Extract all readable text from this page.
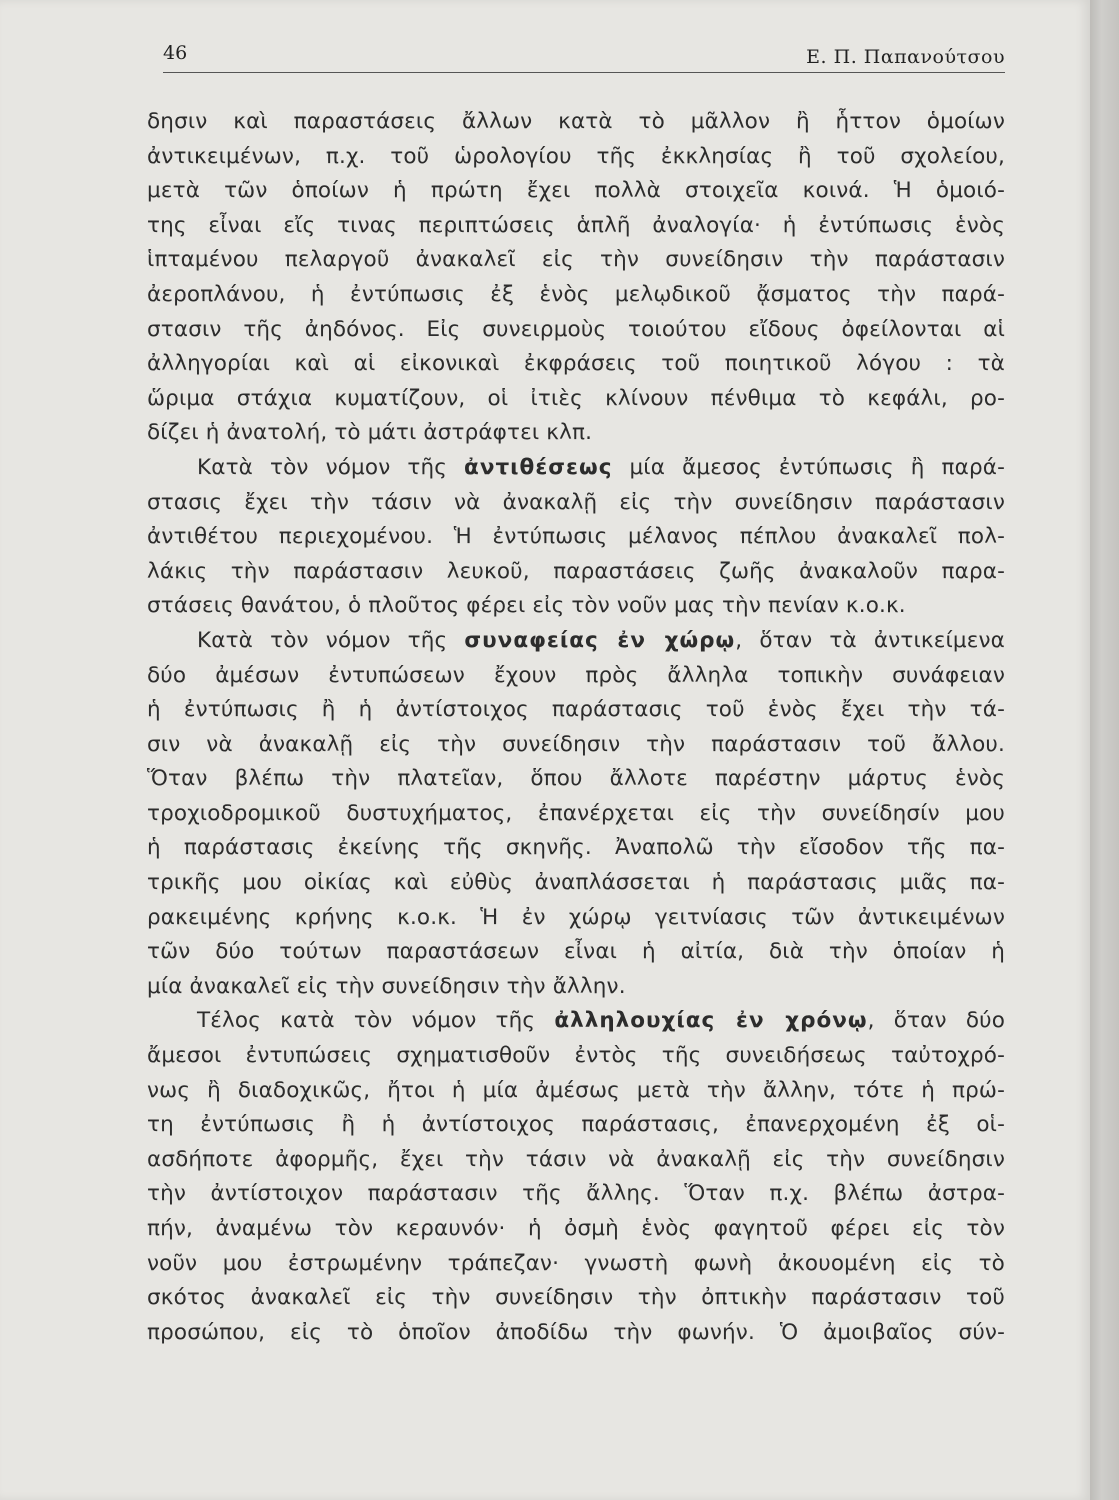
46	Ε. Π. Παπανούτσου
δησιν καὶ παραστάσεις ἄλλων κατὰ τὸ μᾶλλον ἢ ἧττον ὁμοίων
ἀντικειμένων, π.χ. τοῦ ὡρολογίου τῆς ἐκκλησίας ἢ τοῦ σχολείου,
μετὰ τῶν ὁποίων ἡ πρώτη ἔχει πολλὰ στοιχεῖα κοινά. Ἡ ὁμοιό-
της εἶναι εἴς τινας περιπτώσεις ἁπλῆ ἀναλογία· ἡ ἐντύπωσις ἑνὸς
ἱπταμένου πελαργοῦ ἀνακαλεῖ εἰς τὴν συνείδησιν τὴν παράστασιν
ἀεροπλάνου, ἡ ἐντύπωσις ἐξ ἑνὸς μελῳδικοῦ ᾄσματος τὴν παρά-
στασιν τῆς ἀηδόνος. Εἰς συνειρμοὺς τοιούτου εἴδους ὀφείλονται αἱ
ἀλληγορίαι καὶ αἱ εἰκονικαὶ ἐκφράσεις τοῦ ποιητικοῦ λόγου : τὰ
ὥριμα στάχια κυματίζουν, οἱ ἰτιὲς κλίνουν πένθιμα τὸ κεφάλι, ρο-
δίζει ἡ ἀνατολή, τὸ μάτι ἀστράφτει κλπ.
Κατὰ τὸν νόμον τῆς ἀντιθέσεως μία ἄμεσος ἐντύπωσις ἢ παρά-
στασις ἔχει τὴν τάσιν νὰ ἀνακαλῇ εἰς τὴν συνείδησιν παράστασιν
ἀντιθέτου περιεχομένου. Ἡ ἐντύπωσις μέλανος πέπλου ἀνακαλεῖ πολ-
λάκις τὴν παράστασιν λευκοῦ, παραστάσεις ζωῆς ἀνακαλοῦν παρα-
στάσεις θανάτου, ὁ πλοῦτος φέρει εἰς τὸν νοῦν μας τὴν πενίαν κ.ο.κ.
Κατὰ τὸν νόμον τῆς συναφείας ἐν χώρῳ, ὅταν τὰ ἀντικείμενα
δύο ἀμέσων ἐντυπώσεων ἔχουν πρὸς ἄλληλα τοπικὴν συνάφειαν
ἡ ἐντύπωσις ἢ ἡ ἀντίστοιχος παράστασις τοῦ ἑνὸς ἔχει τὴν τά-
σιν νὰ ἀνακαλῇ εἰς τὴν συνείδησιν τὴν παράστασιν τοῦ ἄλλου.
Ὅταν βλέπω τὴν πλατεῖαν, ὅπου ἄλλοτε παρέστην μάρτυς ἑνὸς
τροχιοδρομικοῦ δυστυχήματος, ἐπανέρχεται εἰς τὴν συνείδησίν μου
ἡ παράστασις ἐκείνης τῆς σκηνῆς. Ἀναπολῶ τὴν εἴσοδον τῆς πα-
τρικῆς μου οἰκίας καὶ εὐθὺς ἀναπλάσσεται ἡ παράστασις μιᾶς πα-
ρακειμένης κρήνης κ.ο.κ. Ἡ ἐν χώρῳ γειτνίασις τῶν ἀντικειμένων
τῶν δύο τούτων παραστάσεων εἶναι ἡ αἰτία, διὰ τὴν ὁποίαν ἡ
μία ἀνακαλεῖ εἰς τὴν συνείδησιν τὴν ἄλλην.
Τέλος κατὰ τὸν νόμον τῆς ἀλληλουχίας ἐν χρόνῳ, ὅταν δύο
ἄμεσοι ἐντυπώσεις σχηματισθοῦν ἐντὸς τῆς συνειδήσεως ταὐτοχρό-
νως ἢ διαδοχικῶς, ἤτοι ἡ μία ἀμέσως μετὰ τὴν ἄλλην, τότε ἡ πρώ-
τη ἐντύπωσις ἢ ἡ ἀντίστοιχος παράστασις, ἐπανερχομένη ἐξ οἱ-
ασδήποτε ἀφορμῆς, ἔχει τὴν τάσιν νὰ ἀνακαλῇ εἰς τὴν συνείδησιν
τὴν ἀντίστοιχον παράστασιν τῆς ἄλλης. Ὅταν π.χ. βλέπω ἀστρα-
πήν, ἀναμένω τὸν κεραυνόν· ἡ ὀσμὴ ἑνὸς φαγητοῦ φέρει εἰς τὸν
νοῦν μου ἐστρωμένην τράπεζαν· γνωστὴ φωνὴ ἀκουομένη εἰς τὸ
σκότος ἀνακαλεῖ εἰς τὴν συνείδησιν τὴν ὀπτικὴν παράστασιν τοῦ
προσώπου, εἰς τὸ ὁποῖον ἀποδίδω τὴν φωνήν. Ὁ ἀμοιβαῖος σύν-
